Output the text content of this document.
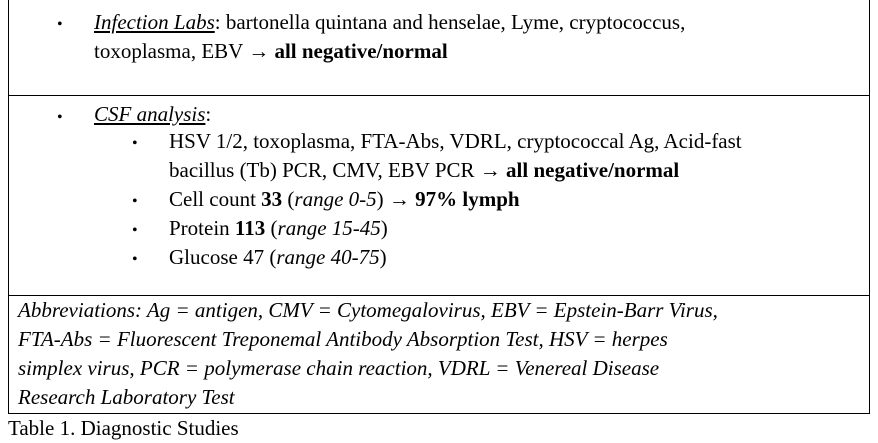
• Infection Labs: bartonella quintana and henselae, Lyme, cryptococcus,
toxoplasma, EBV → all negative/normal
• CSF analysis:
• HSV 1/2, toxoplasma, FTA-Abs, VDRL, cryptococcal Ag, Acid-fast
bacillus (Tb) PCR, CMV, EBV PCR → all negative/normal
• Cell count 33 (range 0-5) → 97% lymph
• Protein 113 (range 15-45)
• Glucose 47 (range 40-75)
Abbreviations: Ag = antigen, CMV = Cytomegalovirus, EBV = Epstein-Barr Virus,
FTA-Abs = Fluorescent Treponemal Antibody Absorption Test, HSV = herpes
simplex virus, PCR = polymerase chain reaction, VDRL = Venereal Disease
Research Laboratory Test
Table 1. Diagnostic Studies
